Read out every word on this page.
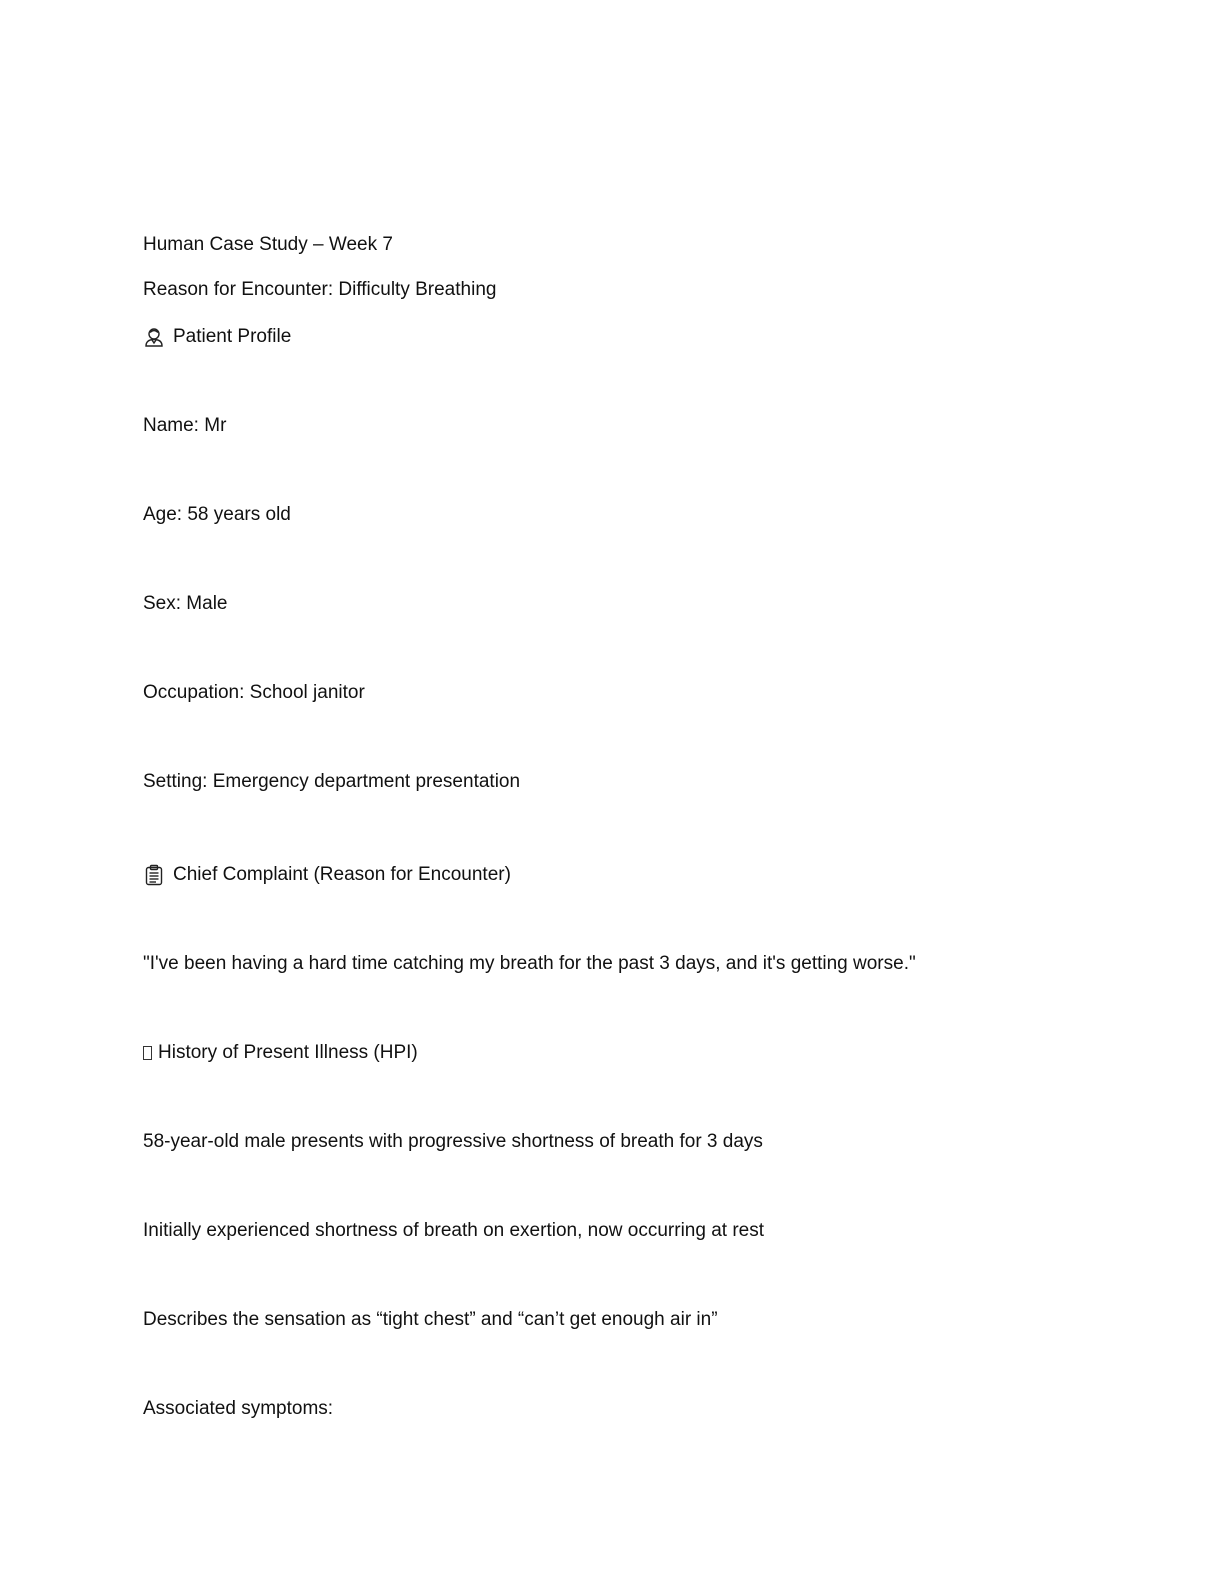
Human Case Study – Week 7
Reason for Encounter: Difficulty Breathing
Patient Profile
Name: Mr
Age: 58 years old
Sex: Male
Occupation: School janitor
Setting: Emergency department presentation
Chief Complaint (Reason for Encounter)
"I've been having a hard time catching my breath for the past 3 days, and it's getting worse."
History of Present Illness (HPI)
58-year-old male presents with progressive shortness of breath for 3 days
Initially experienced shortness of breath on exertion, now occurring at rest
Describes the sensation as “tight chest” and “can’t get enough air in”
Associated symptoms:
